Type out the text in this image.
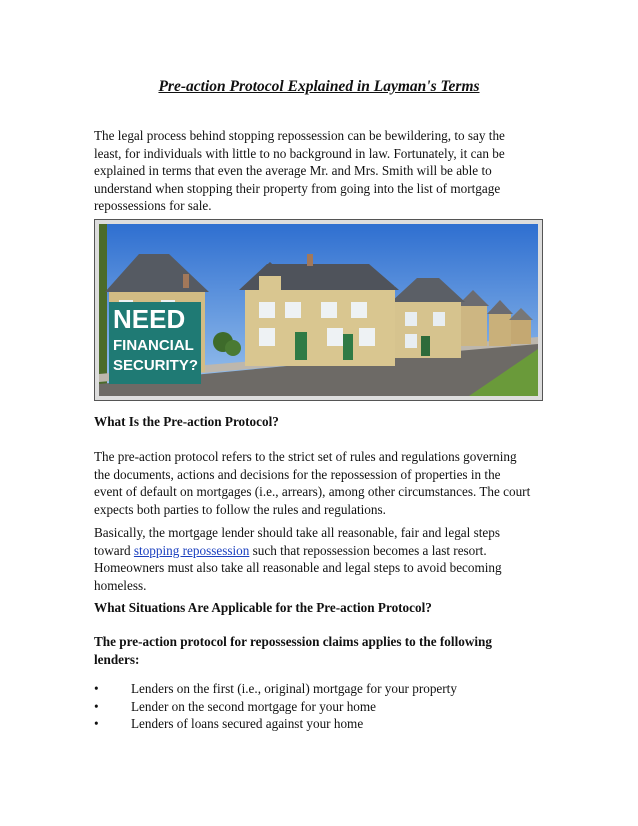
Pre-action Protocol Explained in Layman's Terms

The legal process behind stopping repossession can be bewildering, to say the
least, for individuals with little to no background in law. Fortunately, it can be
explained in terms that even the average Mr. and Mrs. Smith will be able to
understand when stopping their property from going into the list of mortgage
repossessions for sale.

NEED
FINANCIAL
SECURITY?

What Is the Pre-action Protocol?

The pre-action protocol refers to the strict set of rules and regulations governing
the documents, actions and decisions for the repossession of properties in the
event of default on mortgages (i.e., arrears), among other circumstances. The court
expects both parties to follow the rules and regulations.

Basically, the mortgage lender should take all reasonable, fair and legal steps
toward stopping repossession such that repossession becomes a last resort.
Homeowners must also take all reasonable and legal steps to avoid becoming
homeless.

What Situations Are Applicable for the Pre-action Protocol?

The pre-action protocol for repossession claims applies to the following
lenders:

• Lenders on the first (i.e., original) mortgage for your property
• Lender on the second mortgage for your home
• Lenders of loans secured against your home
